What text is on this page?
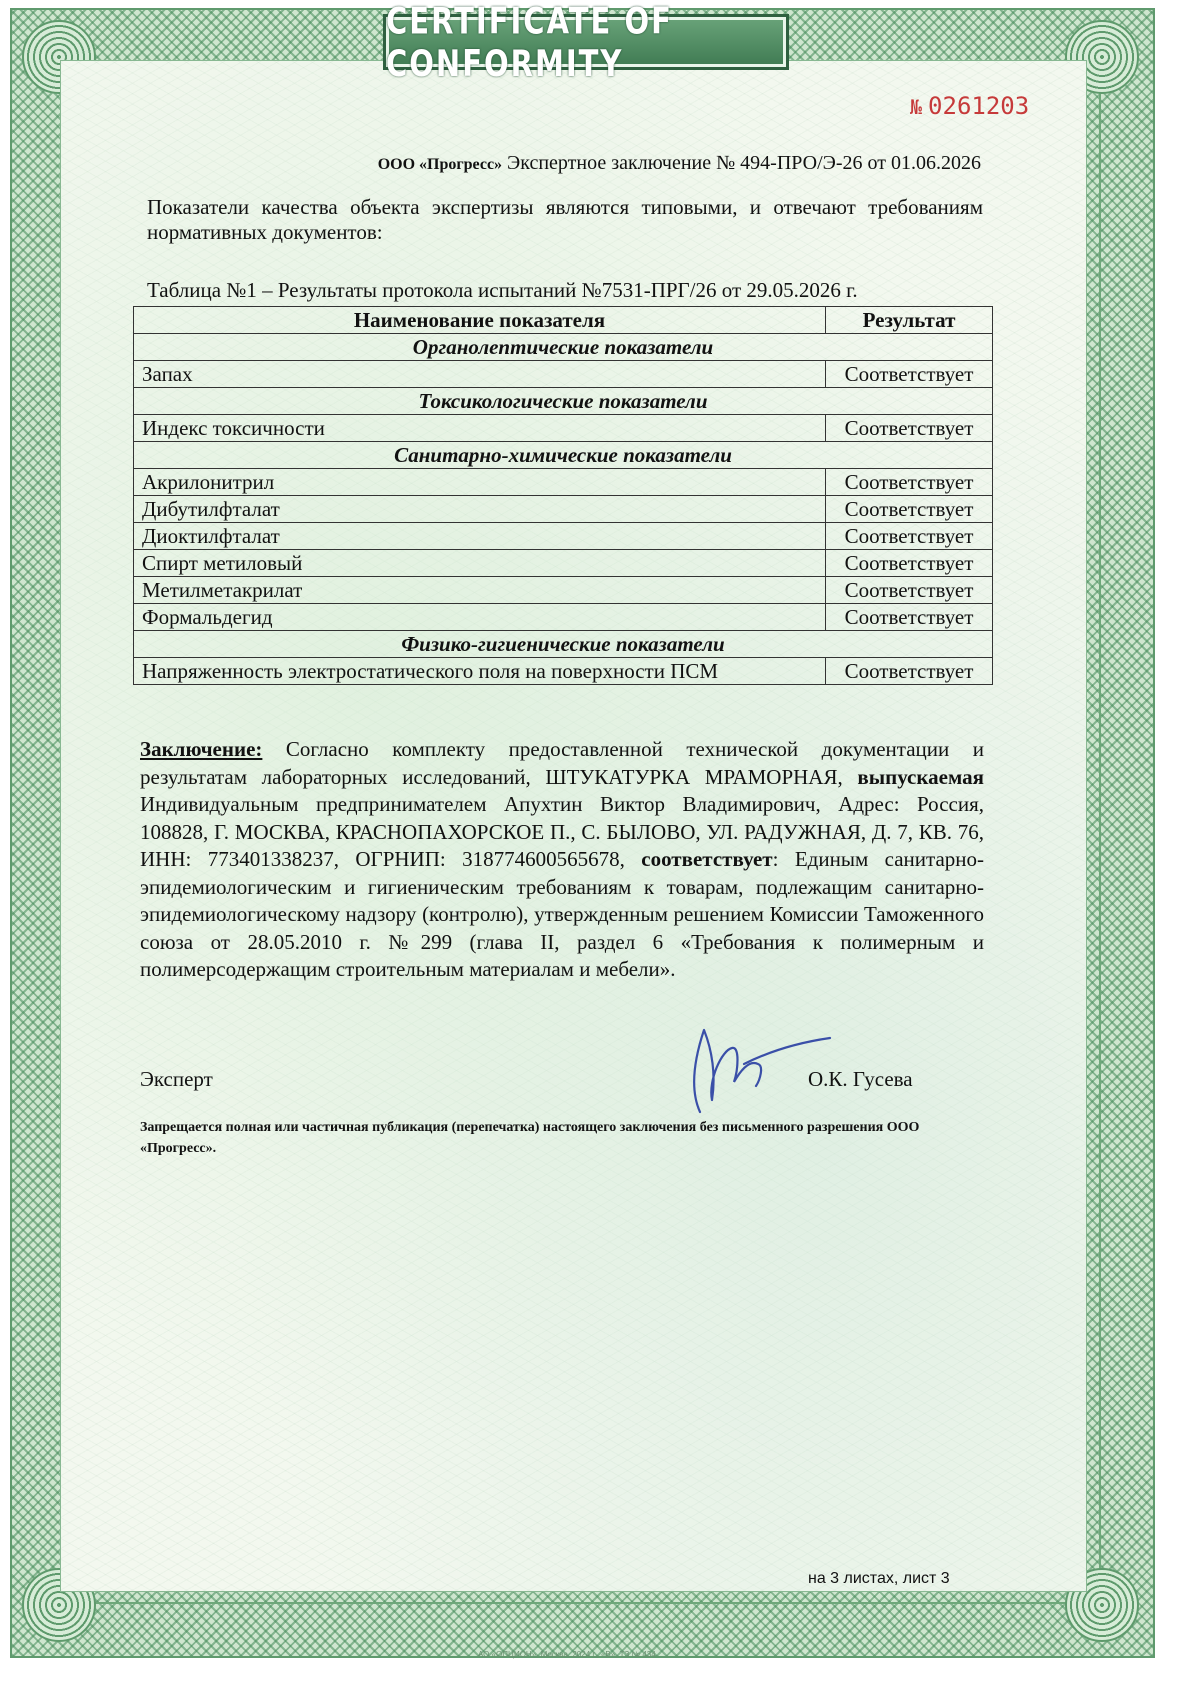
CERTIFICATE OF CONFORMITY
№ 0261203
ООО «Прогресс» Экспертное заключение № 494-ПРО/Э-26 от 01.06.2026
Показатели качества объекта экспертизы являются типовыми, и отвечают требованиям нормативных документов:
Таблица №1 – Результаты протокола испытаний №7531-ПРГ/26 от 29.05.2026 г.
Наименование показателя	Результат
Органолептические показатели	
Запах	Соответствует
Токсикологические показатели	
Индекс токсичности	Соответствует
Санитарно-химические показатели	
Акрилонитрил	Соответствует
Дибутилфталат	Соответствует
Диоктилфталат	Соответствует
Спирт метиловый	Соответствует
Метилметакрилат	Соответствует
Формальдегид	Соответствует
Физико-гигиенические показатели	
Напряженность электростатического поля на поверхности ПСМ	Соответствует
Заключение: Согласно комплекту предоставленной технической документации и результатам лабораторных исследований, ШТУКАТУРКА МРАМОРНАЯ, выпускаемая Индивидуальным предпринимателем Апухтин Виктор Владимирович, Адрес: Россия, 108828, Г. МОСКВА, КРАСНОПАХОРСКОЕ П., С. БЫЛОВО, УЛ. РАДУЖНАЯ, Д. 7, КВ. 76, ИНН: 773401338237, ОГРНИП: 318774600565678, соответствует: Единым санитарно-эпидемиологическим и гигиеническим требованиям к товарам, подлежащим санитарно-эпидемиологическому надзору (контролю), утвержденным решением Комиссии Таможенного союза от 28.05.2010 г. №299 (глава II, раздел 6 «Требования к полимерным и полимерсодержащим строительным материалам и мебели».
Эксперт	О.К. Гусева
Запрещается полная или частичная публикация (перепечатка) настоящего заключения без письменного разрешения ООО «Прогресс».
на 3 листах, лист 3
АО «ОПЦИОН», Москва, 2024 г., «В», ТЗ № 434
